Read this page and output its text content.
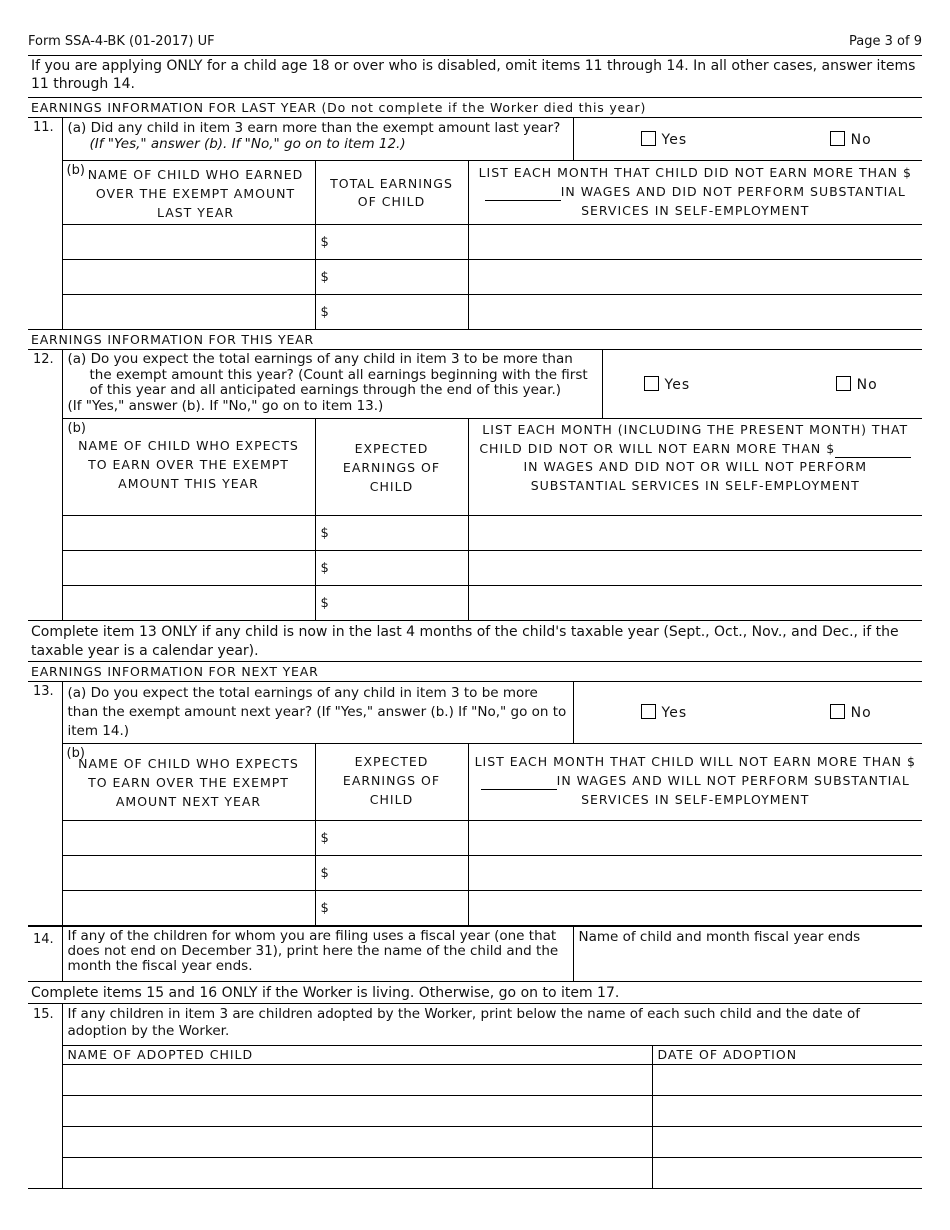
Form SSA-4-BK (01-2017) UF	Page 3 of 9
If you are applying ONLY for a child age 18 or over who is disabled, omit items 11 through 14. In all other cases, answer items 11 through 14.
EARNINGS INFORMATION FOR LAST YEAR (Do not complete if the Worker died this year)
11.	(a) Did any child in item 3 earn more than the exempt amount last year?
(If "Yes," answer (b). If "No," go on to item 12.)			Yes No

	(b) NAME OF CHILD WHO EARNED OVER THE EXEMPT AMOUNT LAST YEAR	TOTAL EARNINGS OF CHILD	LIST EACH MONTH THAT CHILD DID NOT EARN MORE THAN $IN WAGES AND DID NOT PERFORM SUBSTANTIAL SERVICES IN SELF-EMPLOYMENT	
		$		
		$		
		$		
EARNINGS INFORMATION FOR THIS YEAR
12.	(a) Do you expect the total earnings of any child in item 3 to be more than
the exempt amount this year? (Count all earnings beginning with the first of this year and all anticipated earnings through the end of this year.)
(If "Yes," answer (b). If "No," go on to item 13.)			Yes No

	(b)
NAME OF CHILD WHO EXPECTS TO EARN OVER THE EXEMPT AMOUNT THIS YEAR	EXPECTED EARNINGS OF CHILD	LIST EACH MONTH (INCLUDING THE PRESENT MONTH) THAT CHILD DID NOT OR WILL NOT EARN MORE THAN $IN WAGES AND DID NOT OR WILL NOT PERFORM SUBSTANTIAL SERVICES IN SELF-EMPLOYMENT	
		$		
		$		
		$		
Complete item 13 ONLY if any child is now in the last 4 months of the child's taxable year (Sept., Oct., Nov., and Dec., if the taxable year is a calendar year).
EARNINGS INFORMATION FOR NEXT YEAR
13.	(a) Do you expect the total earnings of any child in item 3 to be more than the exempt amount next year? (If "Yes," answer (b.) If "No," go on to item 14.)			Yes No

	(b)
NAME OF CHILD WHO EXPECTS TO EARN OVER THE EXEMPT AMOUNT NEXT YEAR	EXPECTED EARNINGS OF CHILD	LIST EACH MONTH THAT CHILD WILL NOT EARN MORE THAN $IN WAGES AND WILL NOT PERFORM SUBSTANTIAL SERVICES IN SELF-EMPLOYMENT	
		$		
		$		
		$		
14.	If any of the children for whom you are filing uses a fiscal year (one that does not end on December 31), print here the name of the child and the month the fiscal year ends.	Name of child and month fiscal year ends
Complete items 15 and 16 ONLY if the Worker is living. Otherwise, go on to item 17.
15.	If any children in item 3 are children adopted by the Worker, print below the name of each such child and the date of adoption by the Worker.	
	NAME OF ADOPTED CHILD	DATE OF ADOPTION
